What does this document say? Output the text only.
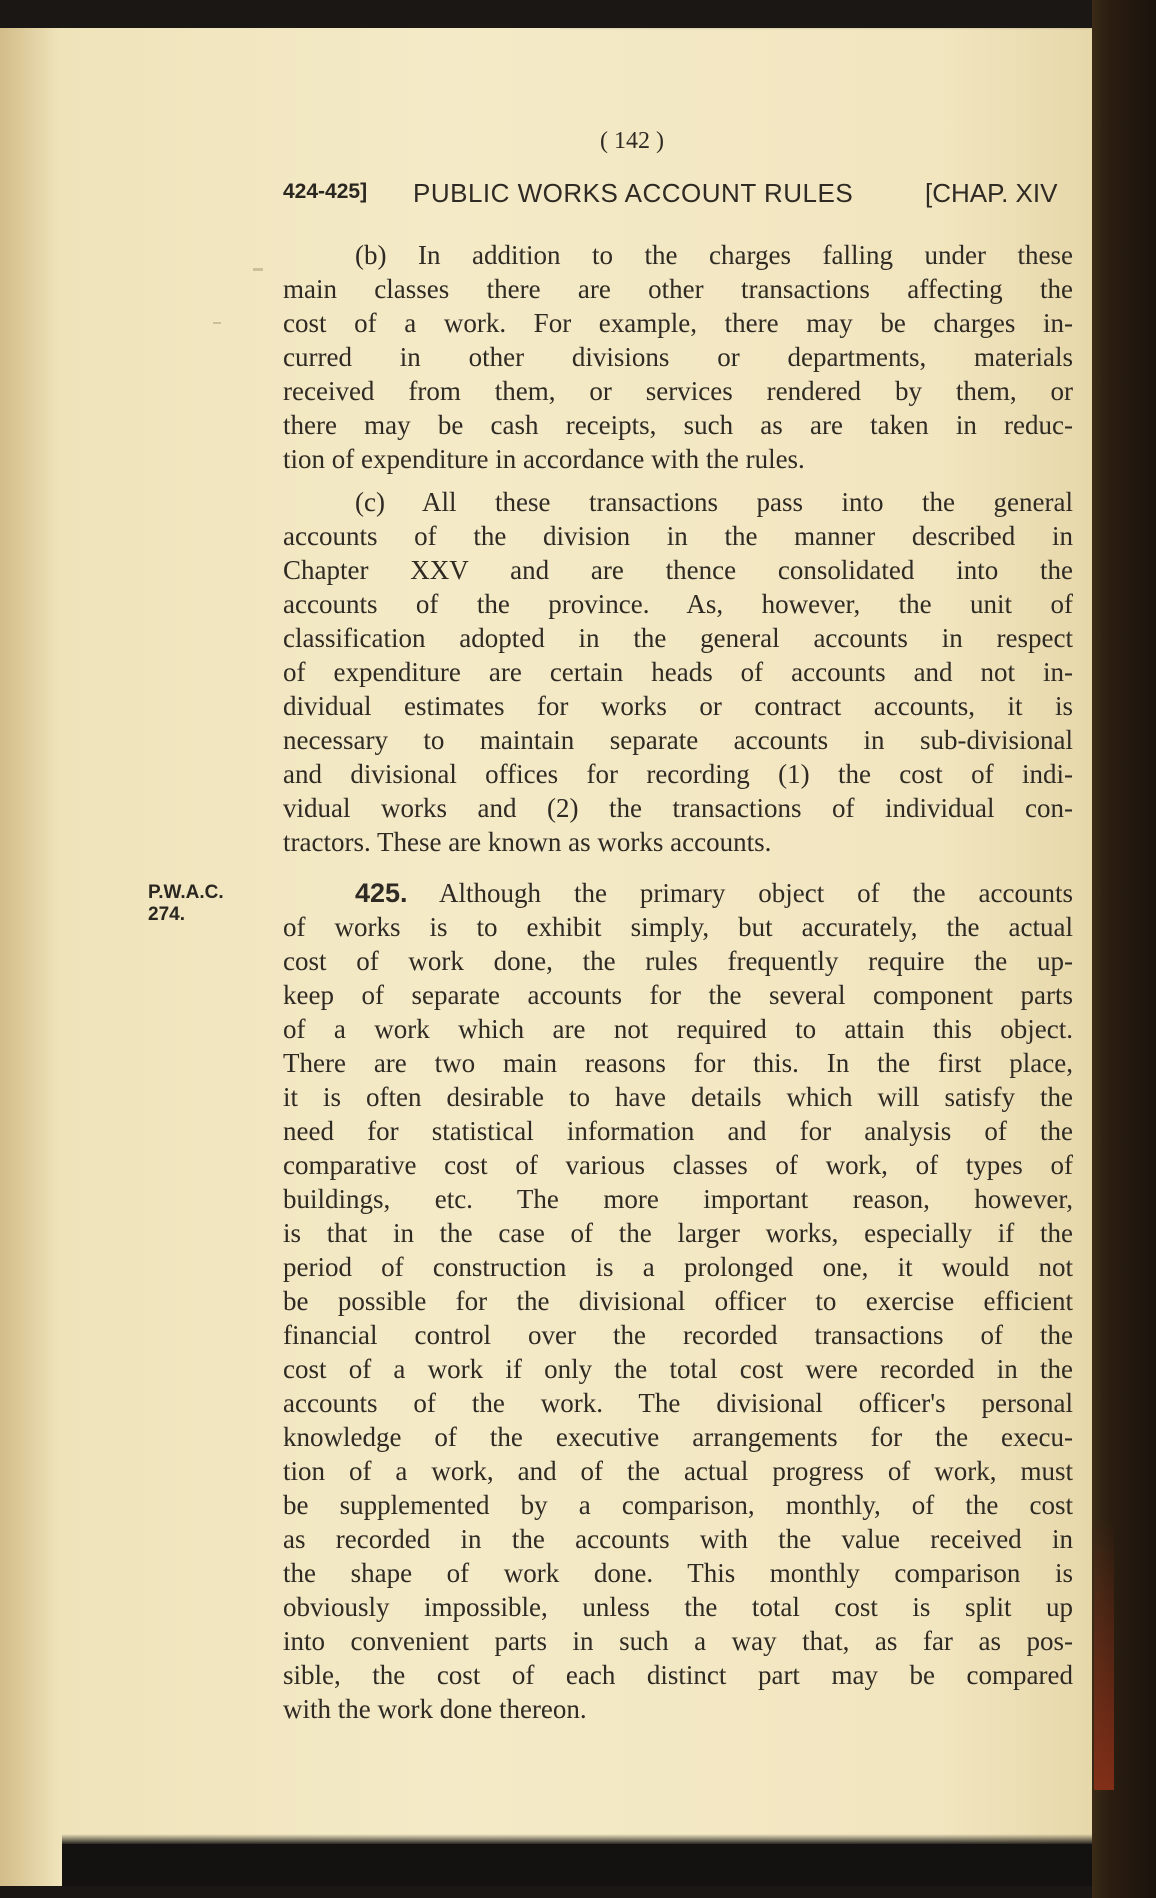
( 142 )
424-425] PUBLIC WORKS ACCOUNT RULES	[CHAP. XIV
P.W.A.C.
274.
(b) In addition to the charges falling under these
main classes there are other transactions affecting the
cost of a work. For example, there may be charges in-
curred in other divisions or departments, materials
received from them, or services rendered by them, or
there may be cash receipts, such as are taken in reduc-
tion of expenditure in accordance with the rules.
(c) All these transactions pass into the general
accounts of the division in the manner described in
Chapter XXV and are thence consolidated into the
accounts of the province. As, however, the unit of
classification adopted in the general accounts in respect
of expenditure are certain heads of accounts and not in-
dividual estimates for works or contract accounts, it is
necessary to maintain separate accounts in sub-divisional
and divisional offices for recording (1) the cost of indi-
vidual works and (2) the transactions of individual con-
tractors. These are known as works accounts.
425. Although the primary object of the accounts
of works is to exhibit simply, but accurately, the actual
cost of work done, the rules frequently require the up-
keep of separate accounts for the several component parts
of a work which are not required to attain this object.
There are two main reasons for this. In the first place,
it is often desirable to have details which will satisfy the
need for statistical information and for analysis of the
comparative cost of various classes of work, of types of
buildings, etc. The more important reason, however,
is that in the case of the larger works, especially if the
period of construction is a prolonged one, it would not
be possible for the divisional officer to exercise efficient
financial control over the recorded transactions of the
cost of a work if only the total cost were recorded in the
accounts of the work. The divisional officer's personal
knowledge of the executive arrangements for the execu-
tion of a work, and of the actual progress of work, must
be supplemented by a comparison, monthly, of the cost
as recorded in the accounts with the value received in
the shape of work done. This monthly comparison is
obviously impossible, unless the total cost is split up
into convenient parts in such a way that, as far as pos-
sible, the cost of each distinct part may be compared
with the work done thereon.
